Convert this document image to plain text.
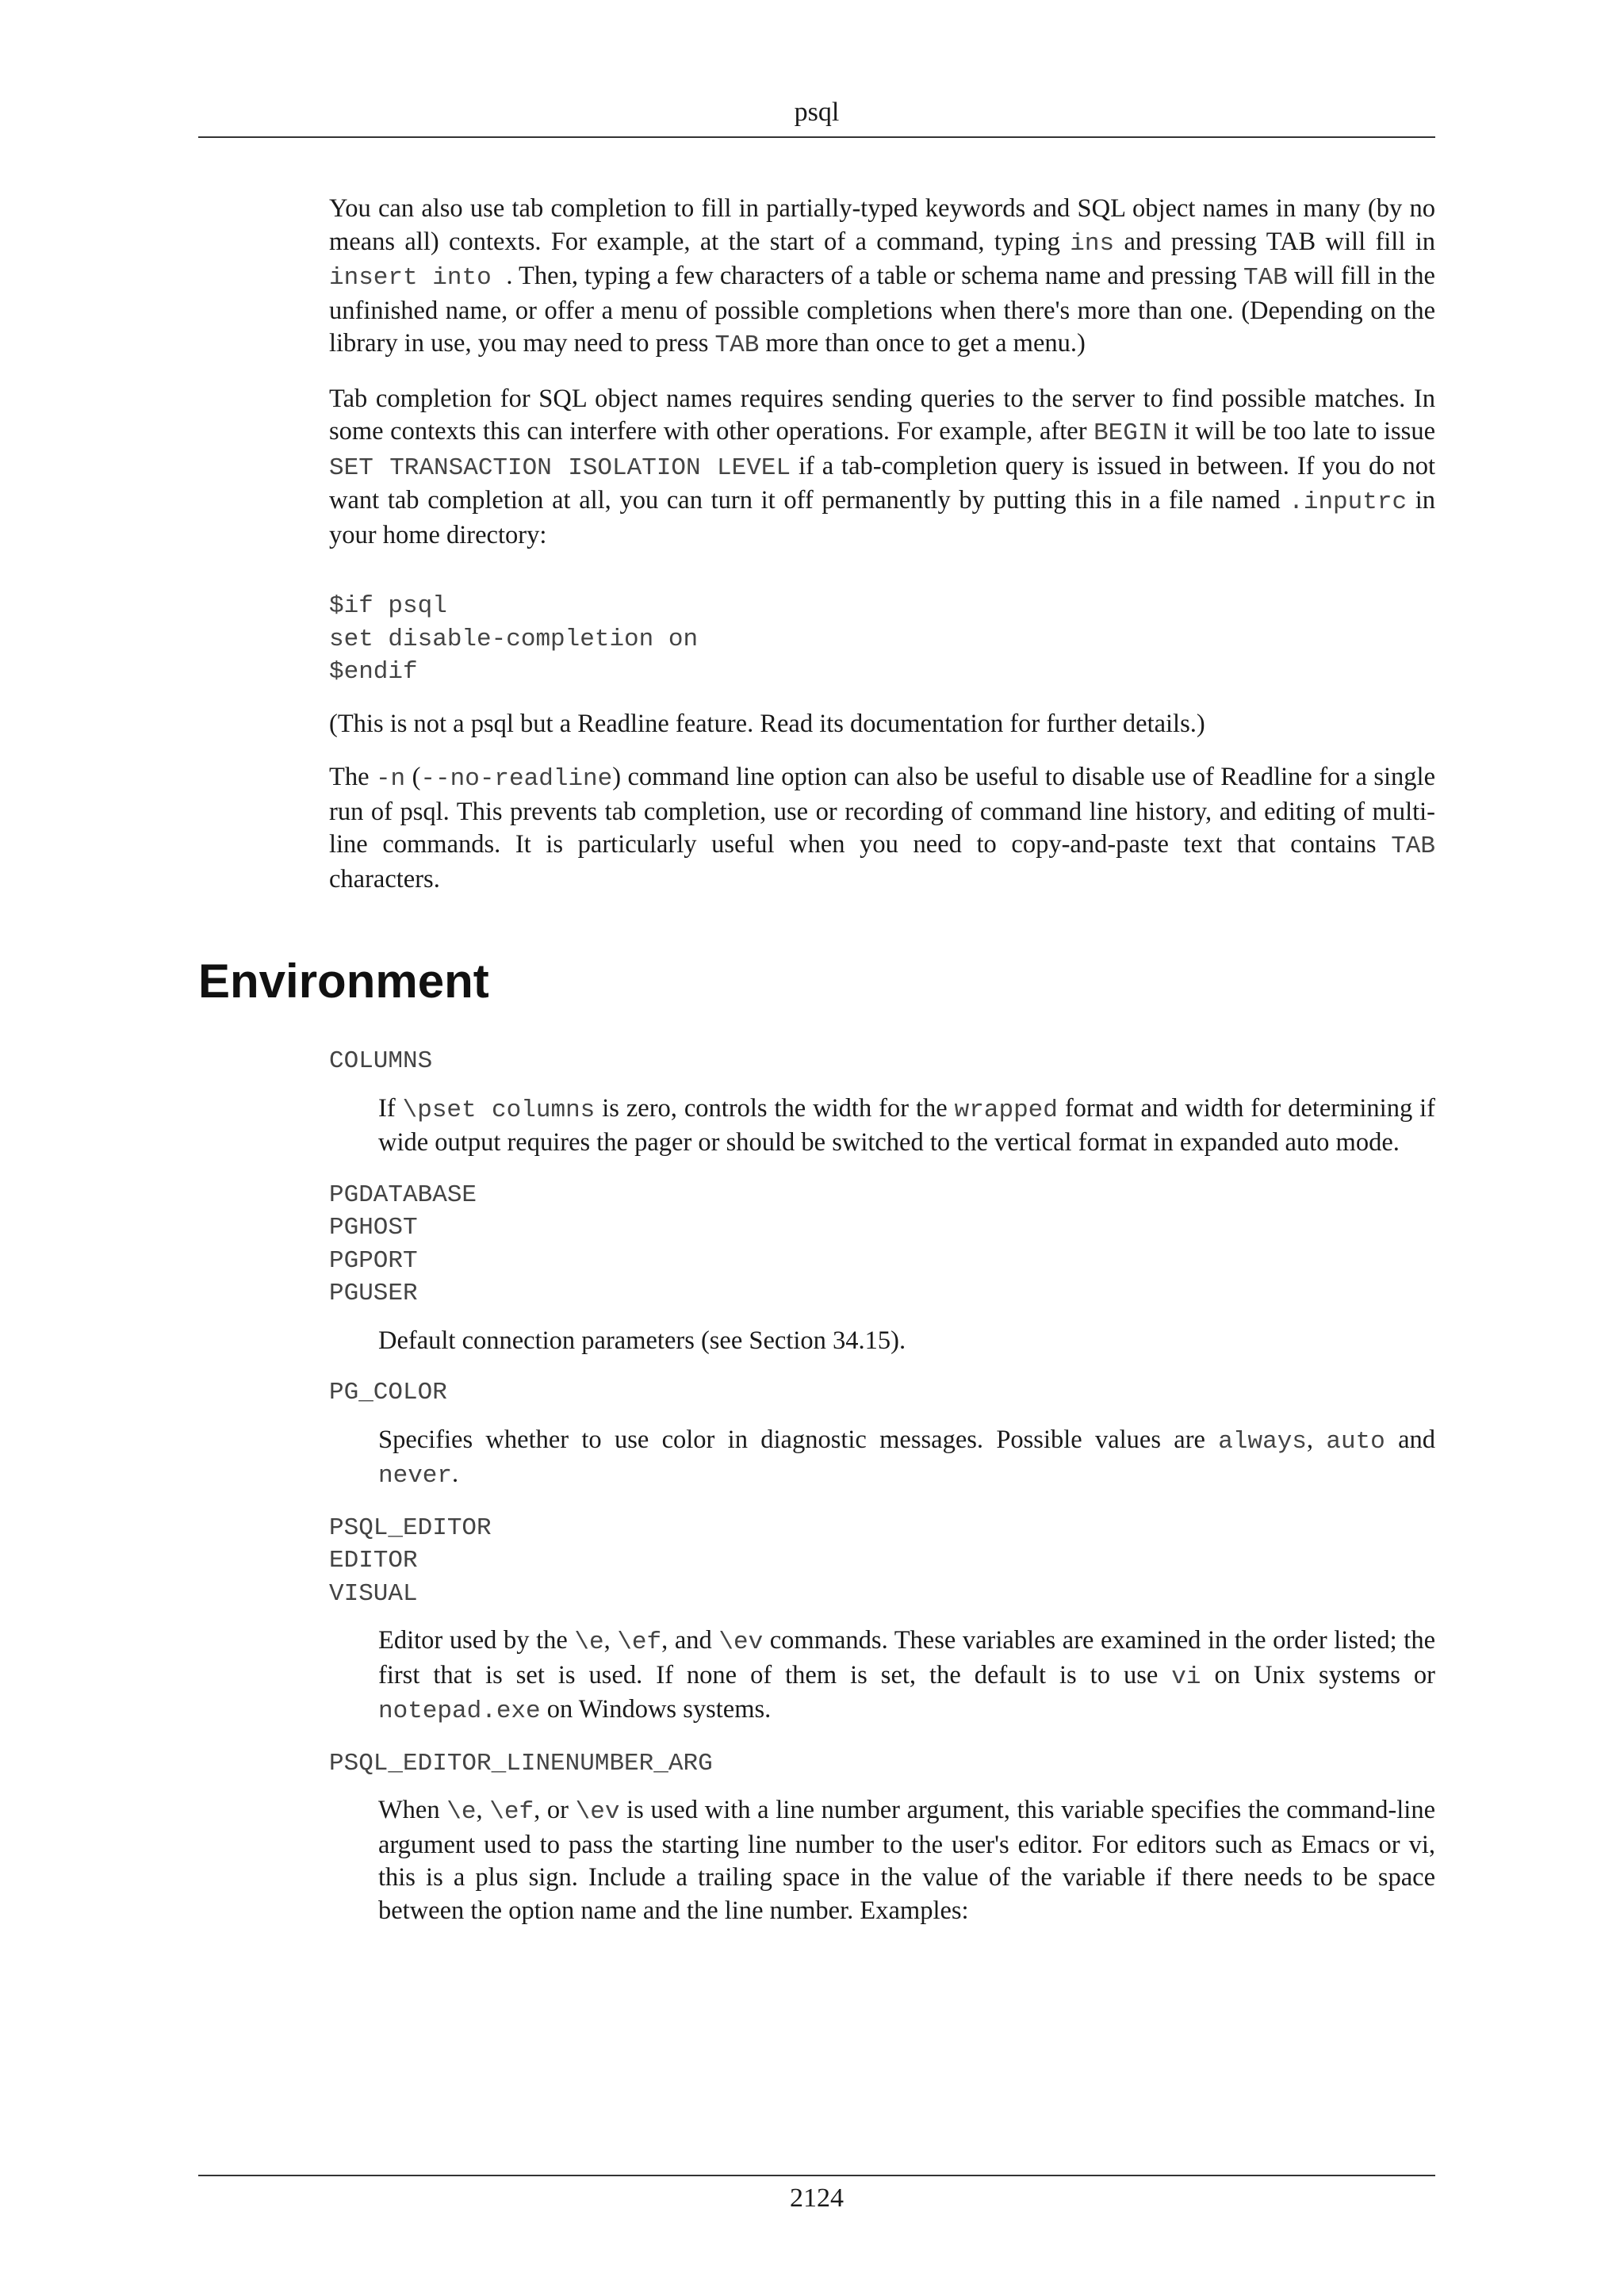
psql

You can also use tab completion to fill in partially-typed keywords and SQL object names in many (by no means all) contexts. For example, at the start of a command, typing ins and pressing TAB will fill in insert into . Then, typing a few characters of a table or schema name and pressing TAB will fill in the unfinished name, or offer a menu of possible completions when there's more than one. (Depending on the library in use, you may need to press TAB more than once to get a menu.)

Tab completion for SQL object names requires sending queries to the server to find possible matches. In some contexts this can interfere with other operations. For example, after BEGIN it will be too late to issue SET TRANSACTION ISOLATION LEVEL if a tab-completion query is issued in between. If you do not want tab completion at all, you can turn it off permanently by putting this in a file named .inputrc in your home directory:

$if psql
set disable-completion on
$endif

(This is not a psql but a Readline feature. Read its documentation for further details.)

The -n (--no-readline) command line option can also be useful to disable use of Readline for a single run of psql. This prevents tab completion, use or recording of command line history, and editing of multi-line commands. It is particularly useful when you need to copy-and-paste text that contains TAB characters.

Environment
COLUMNS

If \pset columns is zero, controls the width for the wrapped format and width for determining if wide output requires the pager or should be switched to the vertical format in expanded auto mode.

PGDATABASE
PGHOST
PGPORT
PGUSER

Default connection parameters (see Section 34.15).

PG_COLOR

Specifies whether to use color in diagnostic messages. Possible values are always, auto and never.

PSQL_EDITOR
EDITOR
VISUAL

Editor used by the \e, \ef, and \ev commands. These variables are examined in the order listed; the first that is set is used. If none of them is set, the default is to use vi on Unix systems or notepad.exe on Windows systems.

PSQL_EDITOR_LINENUMBER_ARG

When \e, \ef, or \ev is used with a line number argument, this variable specifies the command-line argument used to pass the starting line number to the user's editor. For editors such as Emacs or vi, this is a plus sign. Include a trailing space in the value of the variable if there needs to be space between the option name and the line number. Examples:

2124
